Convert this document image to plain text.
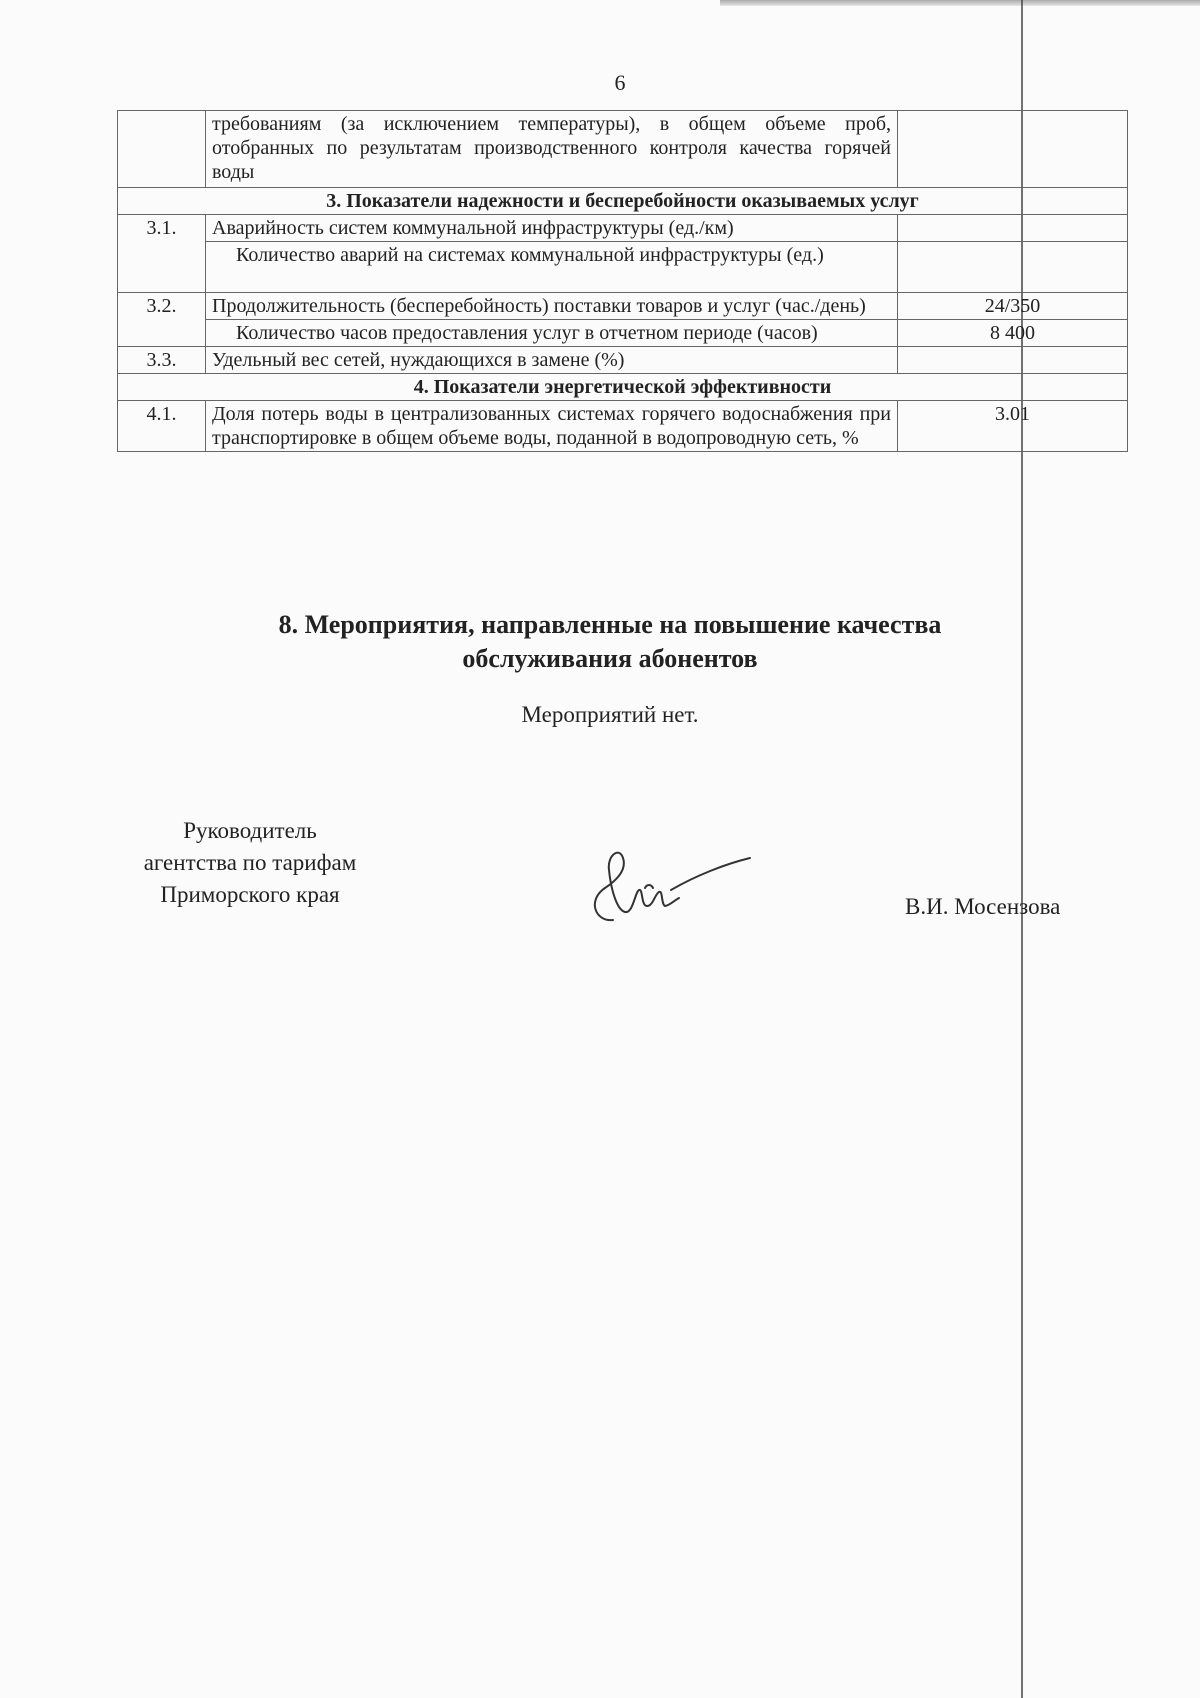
6
	требованиям (за исключением температуры), в общем объеме проб, отобранных по результатам производственного контроля качества горячей воды	
3. Показатели надежности и бесперебойности оказываемых услуг		
3.1.	Аварийность систем коммунальной инфраструктуры (ед./км)	
	Количество аварий на системах коммунальной инфраструктуры (ед.)	
3.2.	Продолжительность (бесперебойность) поставки товаров и услуг (час./день)	24/350
	Количество часов предоставления услуг в отчетном периоде (часов)	8 400
3.3.	Удельный вес сетей, нуждающихся в замене (%)	
4. Показатели энергетической эффективности		
4.1.	Доля потерь воды в централизованных системах горячего водоснабжения при транспортировке в общем объеме воды, поданной в водопроводную сеть, %	3.01
8. Мероприятия, направленные на повышение качества обслуживания абонентов
Мероприятий нет.
Руководитель
агентства по тарифам
Приморского края	В.И. Мосензова
